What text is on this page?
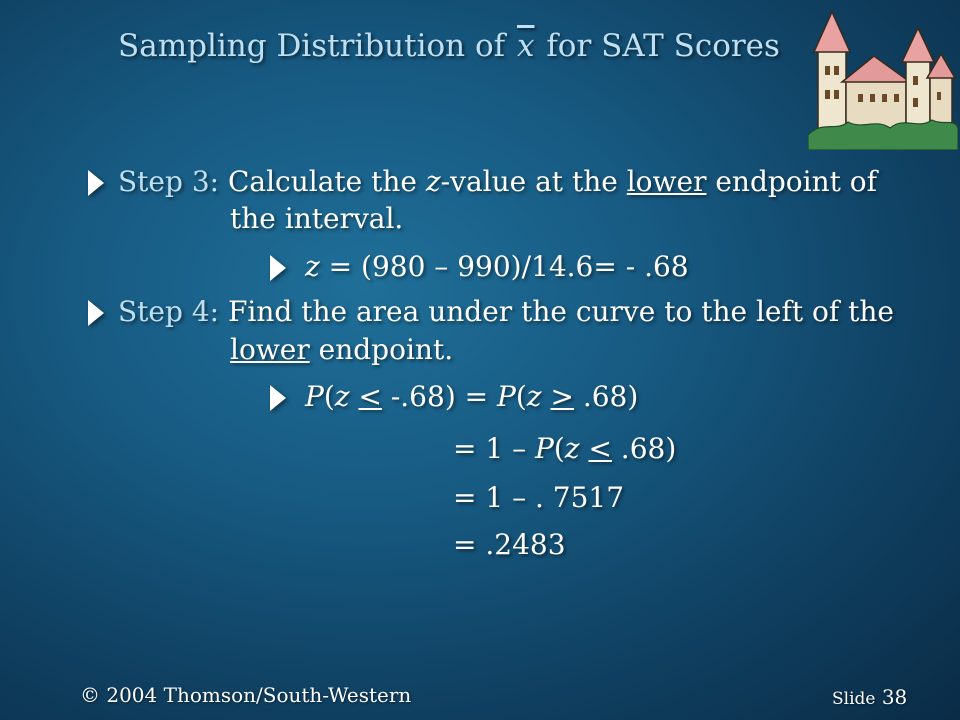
Sampling Distribution of $\overline{x}$ for SAT Scores
Step 3: Calculate the z-value at the lower endpoint of
the interval.
z = (980 – 990)/14.6= - .68
Step 4: Find the area under the curve to the left of the
lower endpoint.
P(z < -.68) = P(z > .68)
= 1 – P(z < .68)
= 1 – . 7517
= .2483
© 2004 Thomson/South-Western	Slide 38
